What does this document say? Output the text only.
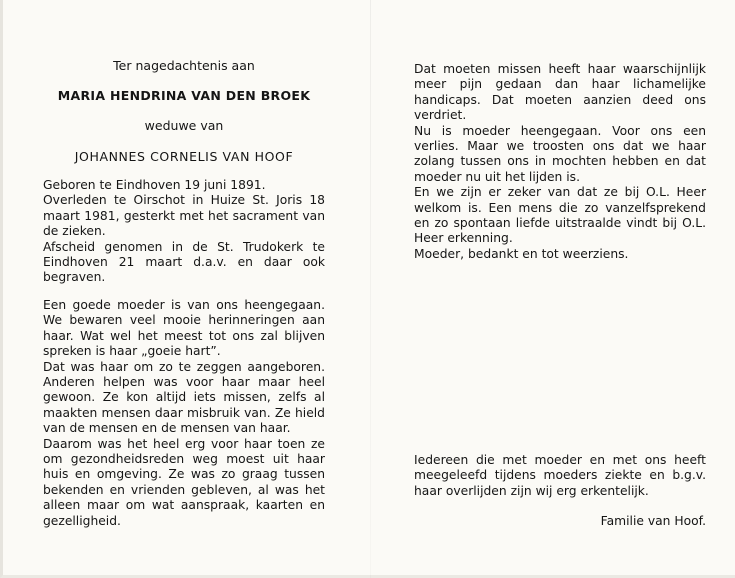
Ter nagedachtenis aan
MARIA HENDRINA VAN DEN BROEK
weduwe van
JOHANNES CORNELIS VAN HOOF

Geboren te Eindhoven 19 juni 1891.

Overleden te Oirschot in Huize St. Joris 18 maart 1981, gesterkt met het sacrament van de zieken.

Afscheid genomen in de St. Trudokerk te Eindhoven 21 maart d.a.v. en daar ook begraven.

Een goede moeder is van ons heengegaan. We bewaren veel mooie herinneringen aan haar. Wat wel het meest tot ons zal blijven spreken is haar „goeie hart”.

Dat was haar om zo te zeggen aangeboren. Anderen helpen was voor haar maar heel gewoon. Ze kon altijd iets missen, zelfs al maakten mensen daar misbruik van. Ze hield van de mensen en de mensen van haar.

Daarom was het heel erg voor haar toen ze om gezondheidsreden weg moest uit haar huis en omgeving. Ze was zo graag tussen bekenden en vrienden gebleven, al was het alleen maar om wat aanspraak, kaarten en gezelligheid.

Dat moeten missen heeft haar waarschijnlijk meer pijn gedaan dan haar lichamelijke handicaps. Dat moeten aanzien deed ons verdriet.

Nu is moeder heengegaan. Voor ons een verlies. Maar we troosten ons dat we haar zolang tussen ons in mochten hebben en dat moeder nu uit het lijden is.

En we zijn er zeker van dat ze bij O.L. Heer welkom is. Een mens die zo vanzelfsprekend en zo spontaan liefde uitstraalde vindt bij O.L. Heer erkenning.

Moeder, bedankt en tot weerziens.

Iedereen die met moeder en met ons heeft meegeleefd tijdens moeders ziekte en b.g.v. haar overlijden zijn wij erg erkentelijk.

Familie van Hoof.
